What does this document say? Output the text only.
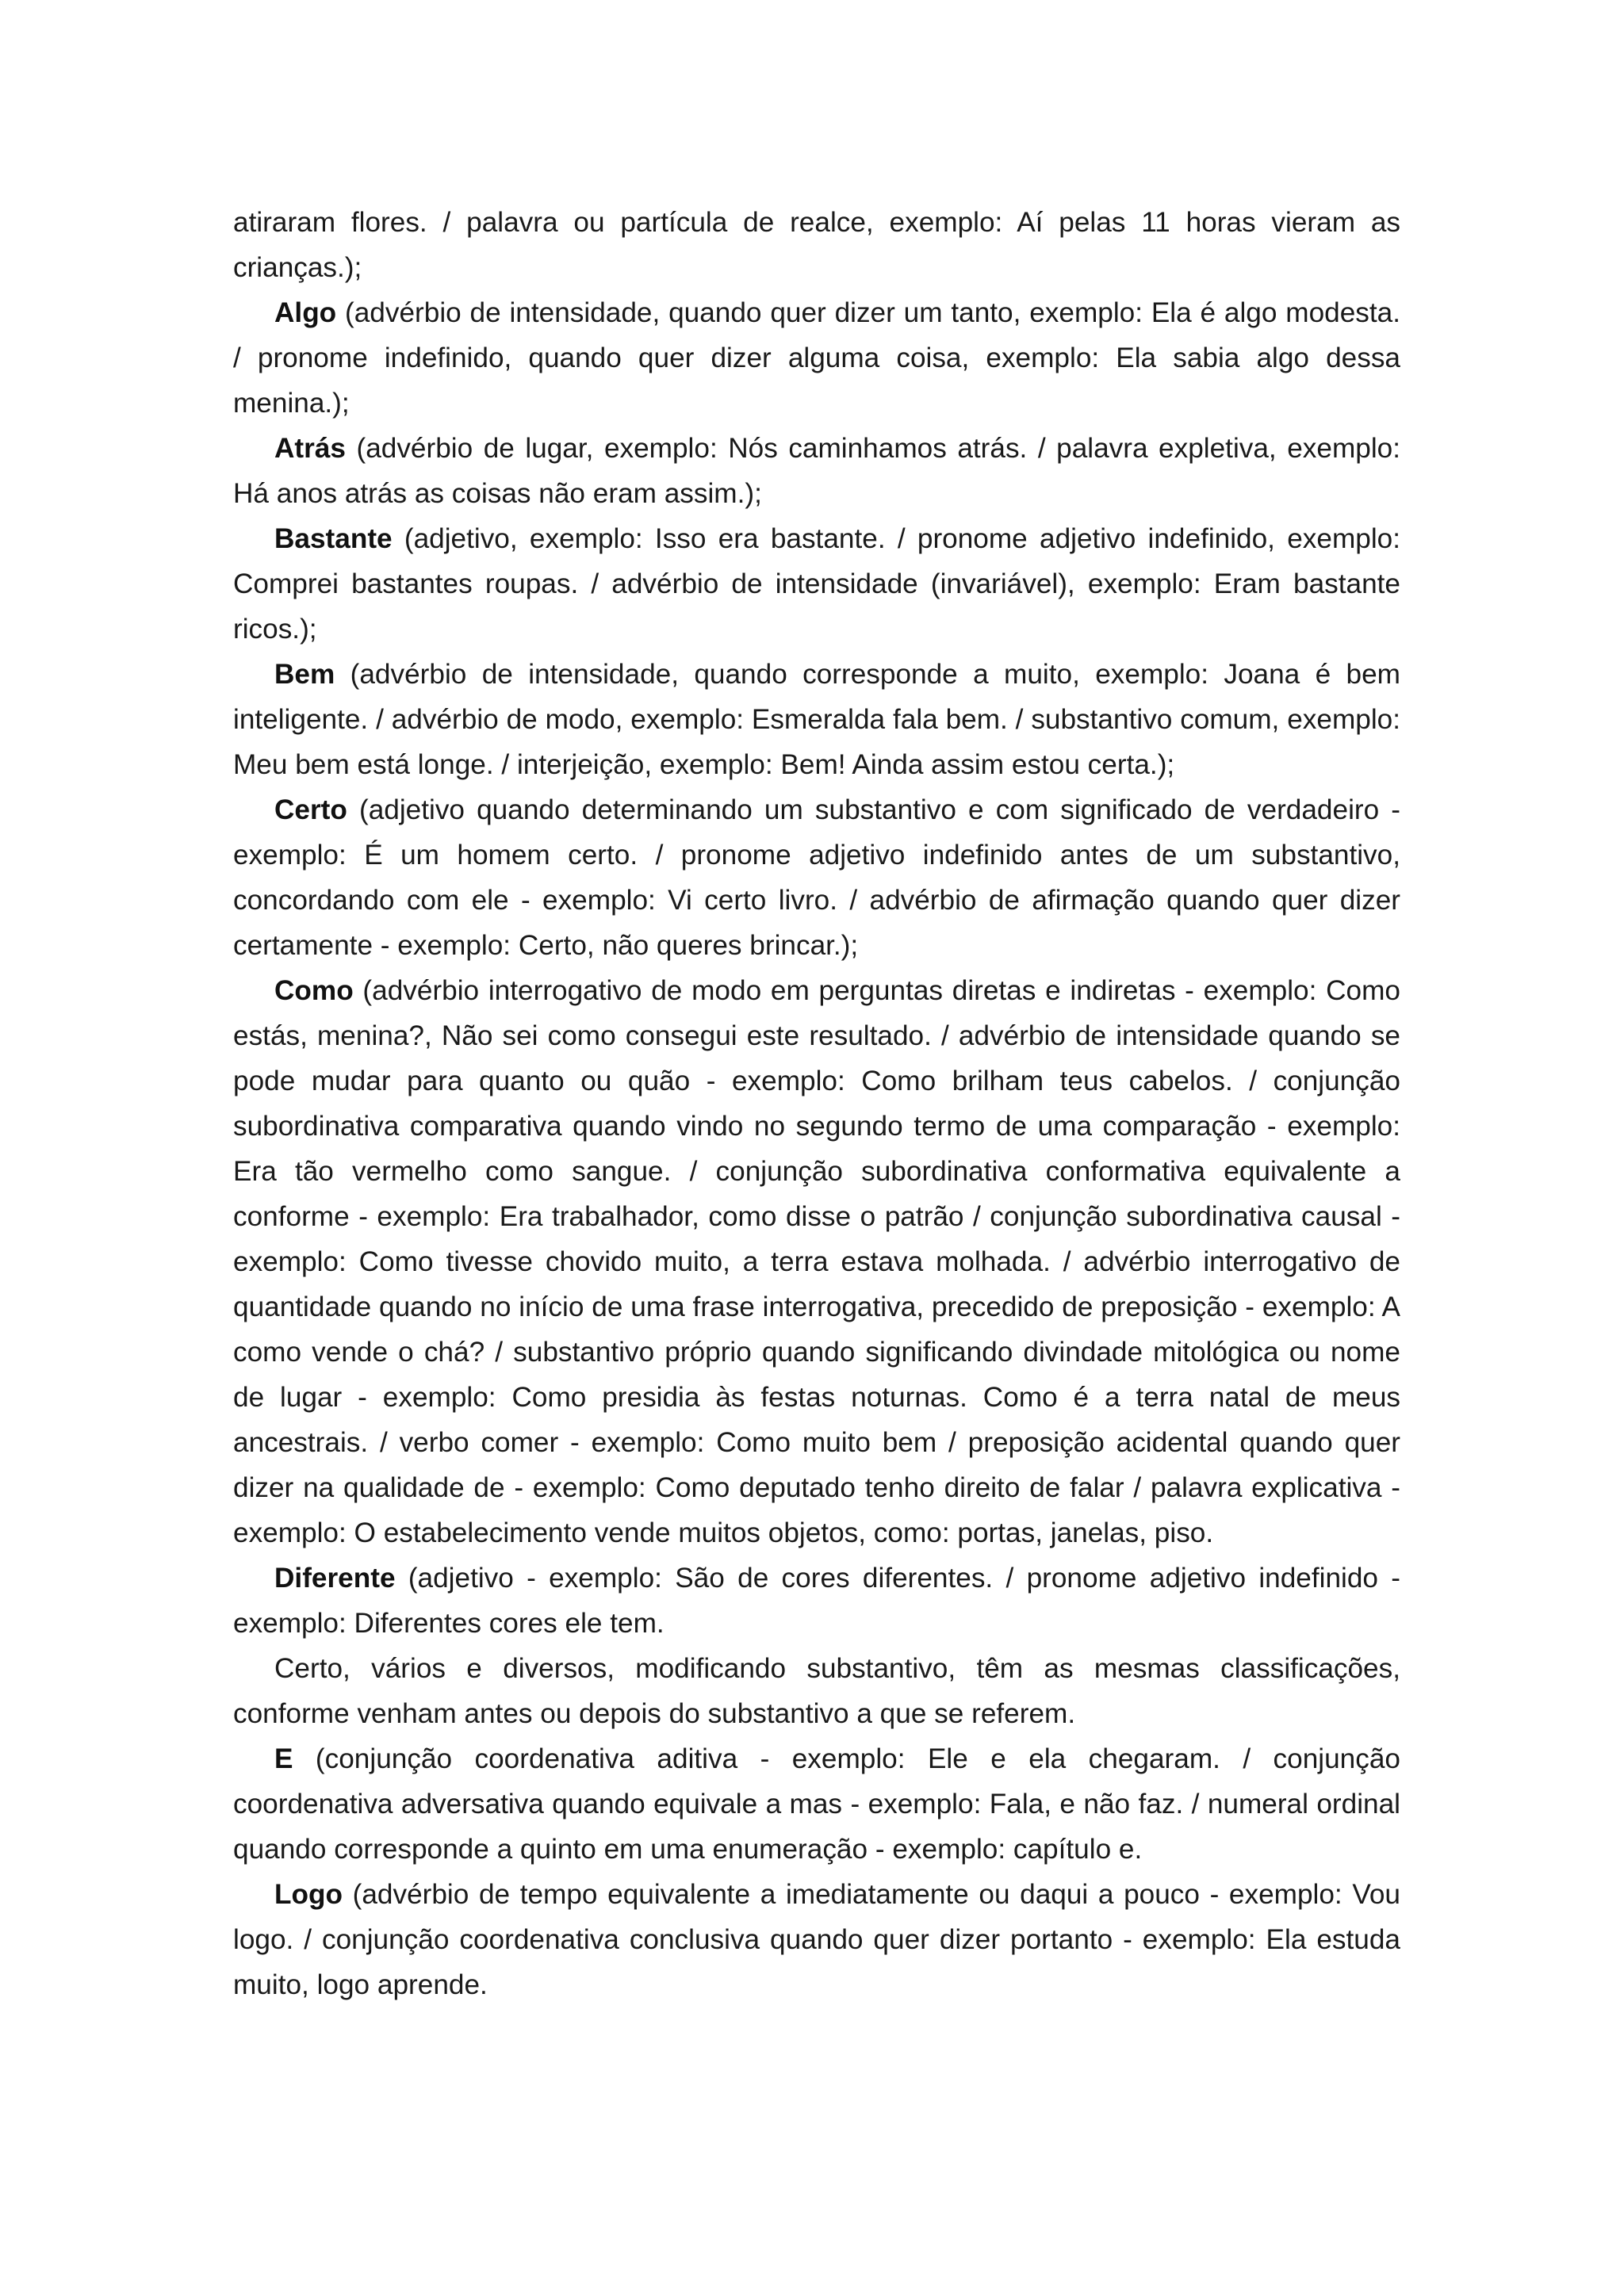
atiraram flores. / palavra ou partícula de realce, exemplo: Aí pelas 11 horas vieram as crianças.);

Algo (advérbio de intensidade, quando quer dizer um tanto, exemplo: Ela é algo modesta. / pronome indefinido, quando quer dizer alguma coisa, exemplo: Ela sabia algo dessa menina.);

Atrás (advérbio de lugar, exemplo: Nós caminhamos atrás. / palavra expletiva, exemplo: Há anos atrás as coisas não eram assim.);

Bastante (adjetivo, exemplo: Isso era bastante. / pronome adjetivo indefinido, exemplo: Comprei bastantes roupas. / advérbio de intensidade (invariável), exemplo: Eram bastante ricos.);

Bem (advérbio de intensidade, quando corresponde a muito, exemplo: Joana é bem inteligente. / advérbio de modo, exemplo: Esmeralda fala bem. / substantivo comum, exemplo: Meu bem está longe. / interjeição, exemplo: Bem! Ainda assim estou certa.);

Certo (adjetivo quando determinando um substantivo e com significado de verdadeiro - exemplo: É um homem certo. / pronome adjetivo indefinido antes de um substantivo, concordando com ele - exemplo: Vi certo livro. / advérbio de afirmação quando quer dizer certamente - exemplo: Certo, não queres brincar.);

Como (advérbio interrogativo de modo em perguntas diretas e indiretas - exemplo: Como estás, menina?, Não sei como consegui este resultado. / advérbio de intensidade quando se pode mudar para quanto ou quão - exemplo: Como brilham teus cabelos. / conjunção subordinativa comparativa quando vindo no segundo termo de uma comparação - exemplo: Era tão vermelho como sangue. / conjunção subordinativa conformativa equivalente a conforme - exemplo: Era trabalhador, como disse o patrão / conjunção subordinativa causal - exemplo: Como tivesse chovido muito, a terra estava molhada. / advérbio interrogativo de quantidade quando no início de uma frase interrogativa, precedido de preposição - exemplo: A como vende o chá? / substantivo próprio quando significando divindade mitológica ou nome de lugar - exemplo: Como presidia às festas noturnas. Como é a terra natal de meus ancestrais. / verbo comer - exemplo: Como muito bem / preposição acidental quando quer dizer na qualidade de - exemplo: Como deputado tenho direito de falar / palavra explicativa - exemplo: O estabelecimento vende muitos objetos, como: portas, janelas, piso.

Diferente (adjetivo - exemplo: São de cores diferentes. / pronome adjetivo indefinido - exemplo: Diferentes cores ele tem.

Certo, vários e diversos, modificando substantivo, têm as mesmas classificações, conforme venham antes ou depois do substantivo a que se referem.

E (conjunção coordenativa aditiva - exemplo: Ele e ela chegaram. / conjunção coordenativa adversativa quando equivale a mas - exemplo: Fala, e não faz. / numeral ordinal quando corresponde a quinto em uma enumeração - exemplo: capítulo e.

Logo (advérbio de tempo equivalente a imediatamente ou daqui a pouco - exemplo: Vou logo. / conjunção coordenativa conclusiva quando quer dizer portanto - exemplo: Ela estuda muito, logo aprende.
